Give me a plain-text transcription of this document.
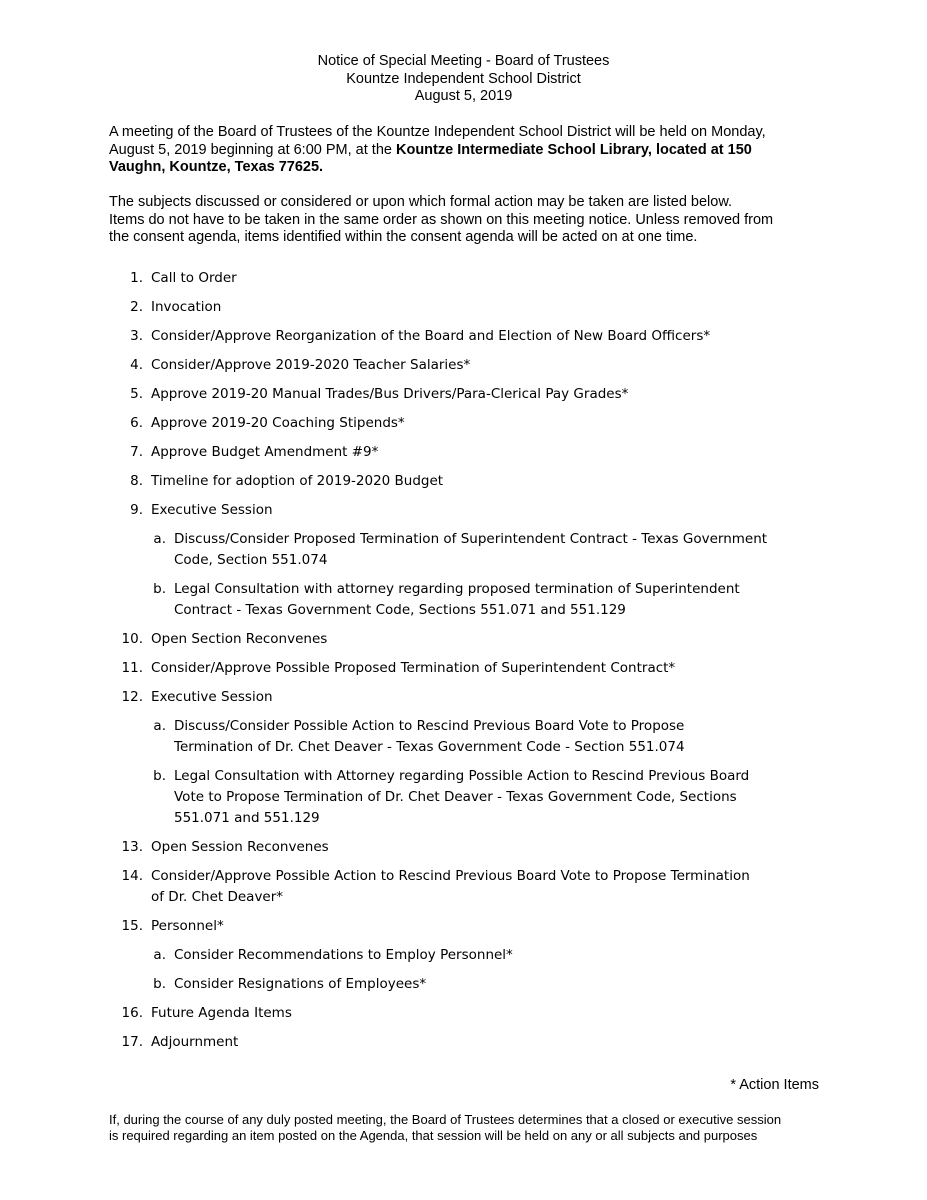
Notice of Special Meeting - Board of Trustees
Kountze Independent School District
August 5, 2019
A meeting of the Board of Trustees of the Kountze Independent School District will be held on Monday,
August 5, 2019 beginning at 6:00 PM, at the Kountze Intermediate School Library, located at 150
Vaughn, Kountze, Texas 77625.
The subjects discussed or considered or upon which formal action may be taken are listed below.
Items do not have to be taken in the same order as shown on this meeting notice. Unless removed from
the consent agenda, items identified within the consent agenda will be acted on at one time.
1. Call to Order
2. Invocation
3. Consider/Approve Reorganization of the Board and Election of New Board Officers*
4. Consider/Approve 2019-2020 Teacher Salaries*
5. Approve 2019-20 Manual Trades/Bus Drivers/Para-Clerical Pay Grades*
6. Approve 2019-20 Coaching Stipends*
7. Approve Budget Amendment #9*
8. Timeline for adoption of 2019-2020 Budget
9. Executive Session
a. Discuss/Consider Proposed Termination of Superintendent Contract - Texas Government
Code, Section 551.074
b. Legal Consultation with attorney regarding proposed termination of Superintendent
Contract - Texas Government Code, Sections 551.071 and 551.129
10. Open Section Reconvenes
11. Consider/Approve Possible Proposed Termination of Superintendent Contract*
12. Executive Session
a. Discuss/Consider Possible Action to Rescind Previous Board Vote to Propose
Termination of Dr. Chet Deaver - Texas Government Code - Section 551.074
b. Legal Consultation with Attorney regarding Possible Action to Rescind Previous Board
Vote to Propose Termination of Dr. Chet Deaver - Texas Government Code, Sections
551.071 and 551.129
13. Open Session Reconvenes
14. Consider/Approve Possible Action to Rescind Previous Board Vote to Propose Termination
of Dr. Chet Deaver*
15. Personnel*
a. Consider Recommendations to Employ Personnel*
b. Consider Resignations of Employees*
16. Future Agenda Items
17. Adjournment
* Action Items
If, during the course of any duly posted meeting, the Board of Trustees determines that a closed or executive session
is required regarding an item posted on the Agenda, that session will be held on any or all subjects and purposes
